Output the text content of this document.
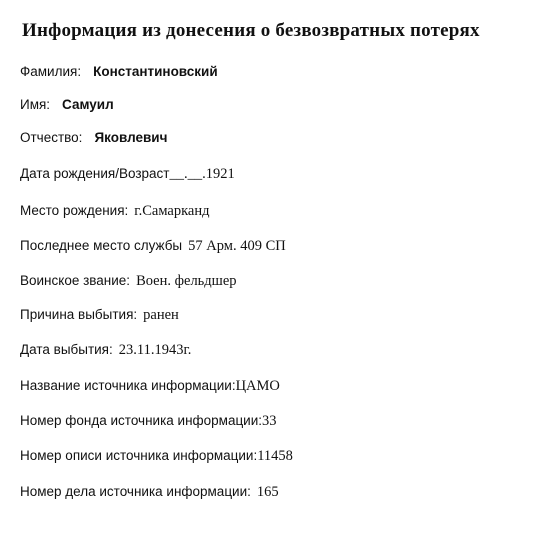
Информация из донесения о безвозвратных потерях
Фамилия: Константиновский
Имя: Самуил
Отчество: Яковлевич
Дата рождения/Возраст__.__.1921
Место рождения: г.Самарканд
Последнее место службы 57 Арм. 409 СП
Воинское звание: Воен. фельдшер
Причина выбытия: ранен
Дата выбытия: 23.11.1943г.
Название источника информации:ЦАМО
Номер фонда источника информации:33
Номер описи источника информации:11458
Номер дела источника информации: 165
